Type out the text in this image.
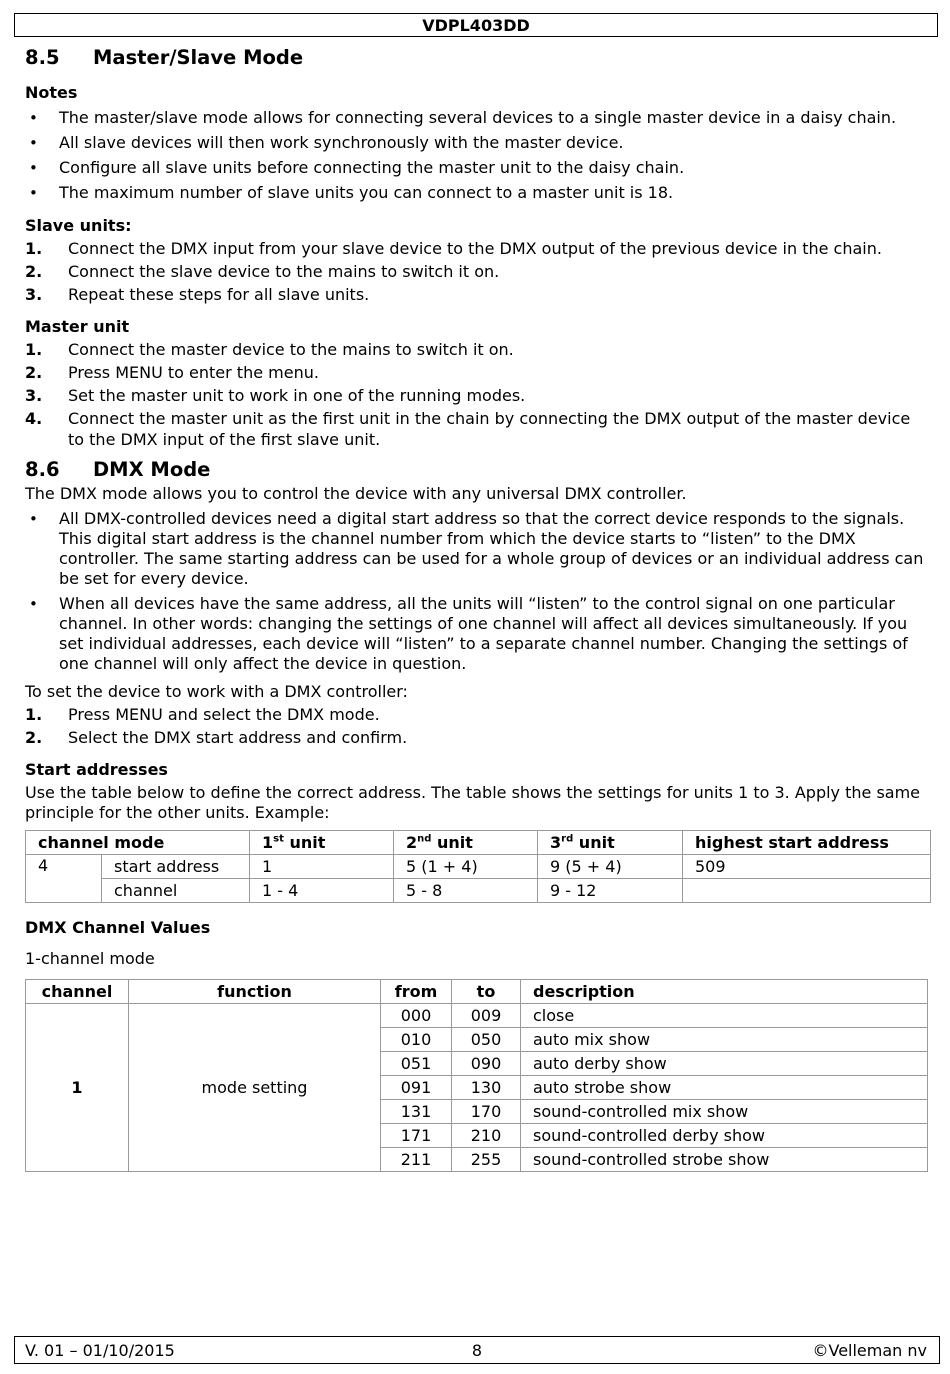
VDPL403DD
8.5	Master/Slave Mode
Notes
• The master/slave mode allows for connecting several devices to a single master device in a daisy chain.
• All slave devices will then work synchronously with the master device.
• Configure all slave units before connecting the master unit to the daisy chain.
• The maximum number of slave units you can connect to a master unit is 18.
Slave units:
1. Connect the DMX input from your slave device to the DMX output of the previous device in the chain.
2. Connect the slave device to the mains to switch it on.
3. Repeat these steps for all slave units.
Master unit
1. Connect the master device to the mains to switch it on.
2. Press MENU to enter the menu.
3. Set the master unit to work in one of the running modes.
4. Connect the master unit as the first unit in the chain by connecting the DMX output of the master device to the DMX input of the first slave unit.
8.6	DMX Mode

The DMX mode allows you to control the device with any universal DMX controller.

• All DMX-controlled devices need a digital start address so that the correct device responds to the signals. This digital start address is the channel number from which the device starts to “listen” to the DMX controller. The same starting address can be used for a whole group of devices or an individual address can be set for every device.
• When all devices have the same address, all the units will “listen” to the control signal on one particular channel. In other words: changing the settings of one channel will affect all devices simultaneously. If you set individual addresses, each device will “listen” to a separate channel number. Changing the settings of one channel will only affect the device in question.

To set the device to work with a DMX controller:

1. Press MENU and select the DMX mode.
2. Select the DMX start address and confirm.
Start addresses

Use the table below to define the correct address. The table shows the settings for units 1 to 3. Apply the same principle for the other units. Example:

channel mode		1st unit	2nd unit	3rd unit	highest start address
4	start address	1	5 (1 + 4)	9 (5 + 4)	509
	channel	1 - 4	5 - 8	9 - 12	
DMX Channel Values

1-channel mode

channel	function	from	to	description
1	mode setting	000	009	close
		010	050	auto mix show
		051	090	auto derby show
		091	130	auto strobe show
		131	170	sound-controlled mix show
		171	210	sound-controlled derby show
		211	255	sound-controlled strobe show
V. 01 – 01/10/2015	8	©Velleman nv
